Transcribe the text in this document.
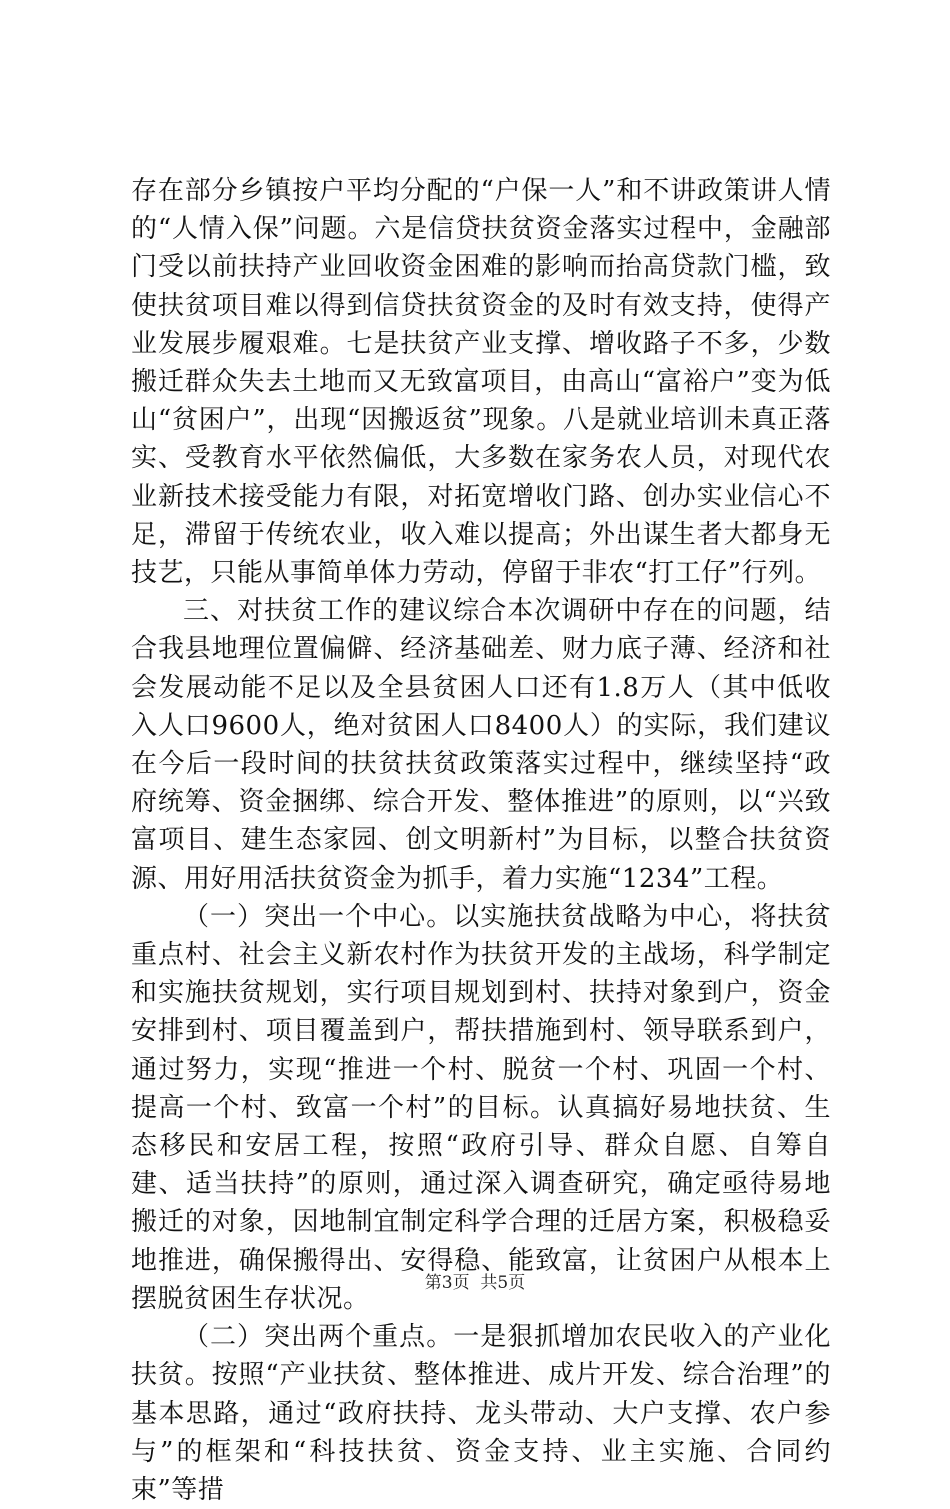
存在部分乡镇按户平均分配的“户保一人”和不讲政策讲人情的“人情入保”问题。六是信贷扶贫资金落实过程中，金融部门受以前扶持产业回收资金困难的影响而抬高贷款门槛，致使扶贫项目难以得到信贷扶贫资金的及时有效支持，使得产业发展步履艰难。七是扶贫产业支撑、增收路子不多，少数搬迁群众失去土地而又无致富项目，由高山“富裕户”变为低山“贫困户”，出现“因搬返贫”现象。八是就业培训未真正落实、受教育水平依然偏低，大多数在家务农人员，对现代农业新技术接受能力有限，对拓宽增收门路、创办实业信心不足，滞留于传统农业，收入难以提高；外出谋生者大都身无技艺，只能从事简单体力劳动，停留于非农“打工仔”行列。

三、对扶贫工作的建议综合本次调研中存在的问题，结合我县地理位置偏僻、经济基础差、财力底子薄、经济和社会发展动能不足以及全县贫困人口还有1.8万人（其中低收入人口9600人，绝对贫困人口8400人）的实际，我们建议在今后一段时间的扶贫扶贫政策落实过程中，继续坚持“政府统筹、资金捆绑、综合开发、整体推进”的原则，以“兴致富项目、建生态家园、创文明新村”为目标，以整合扶贫资源、用好用活扶贫资金为抓手，着力实施“1234”工程。

（一）突出一个中心。以实施扶贫战略为中心，将扶贫重点村、社会主义新农村作为扶贫开发的主战场，科学制定和实施扶贫规划，实行项目规划到村、扶持对象到户，资金安排到村、项目覆盖到户，帮扶措施到村、领导联系到户，通过努力，实现“推进一个村、脱贫一个村、巩固一个村、提高一个村、致富一个村”的目标。认真搞好易地扶贫、生态移民和安居工程，按照“政府引导、群众自愿、自筹自建、适当扶持”的原则，通过深入调查研究，确定亟待易地搬迁的对象，因地制宜制定科学合理的迁居方案，积极稳妥地推进，确保搬得出、安得稳、能致富，让贫困户从根本上摆脱贫困生存状况。

（二）突出两个重点。一是狠抓增加农民收入的产业化扶贫。按照“产业扶贫、整体推进、成片开发、综合治理”的基本思路，通过“政府扶持、龙头带动、大户支撑、农户参与”的框架和“科技扶贫、资金支持、业主实施、合同约束”等措

第3页  共5页
